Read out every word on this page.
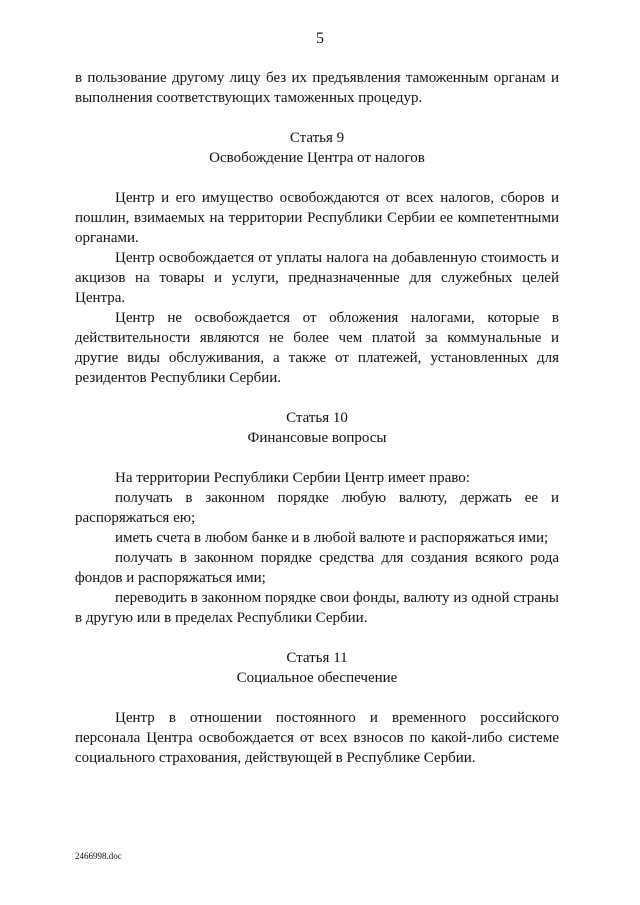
5

в пользование другому лицу без их предъявления таможенным органам и выполнения соответствующих таможенных процедур.

Статья 9
Освобождение Центра от налогов

Центр и его имущество освобождаются от всех налогов, сборов и пошлин, взимаемых на территории Республики Сербии ее компетентными органами.

Центр освобождается от уплаты налога на добавленную стоимость и акцизов на товары и услуги, предназначенные для служебных целей Центра.

Центр не освобождается от обложения налогами, которые в действительности являются не более чем платой за коммунальные и другие виды обслуживания, а также от платежей, установленных для резидентов Республики Сербии.

Статья 10
Финансовые вопросы

На территории Республики Сербии Центр имеет право:

получать в законном порядке любую валюту, держать ее и распоряжаться ею;

иметь счета в любом банке и в любой валюте и распоряжаться ими;

получать в законном порядке средства для создания всякого рода фондов и распоряжаться ими;

переводить в законном порядке свои фонды, валюту из одной страны в другую или в пределах Республики Сербии.

Статья 11
Социальное обеспечение

Центр в отношении постоянного и временного российского персонала Центра освобождается от всех взносов по какой-либо системе социального страхования, действующей в Республике Сербии.

2466998.doc
